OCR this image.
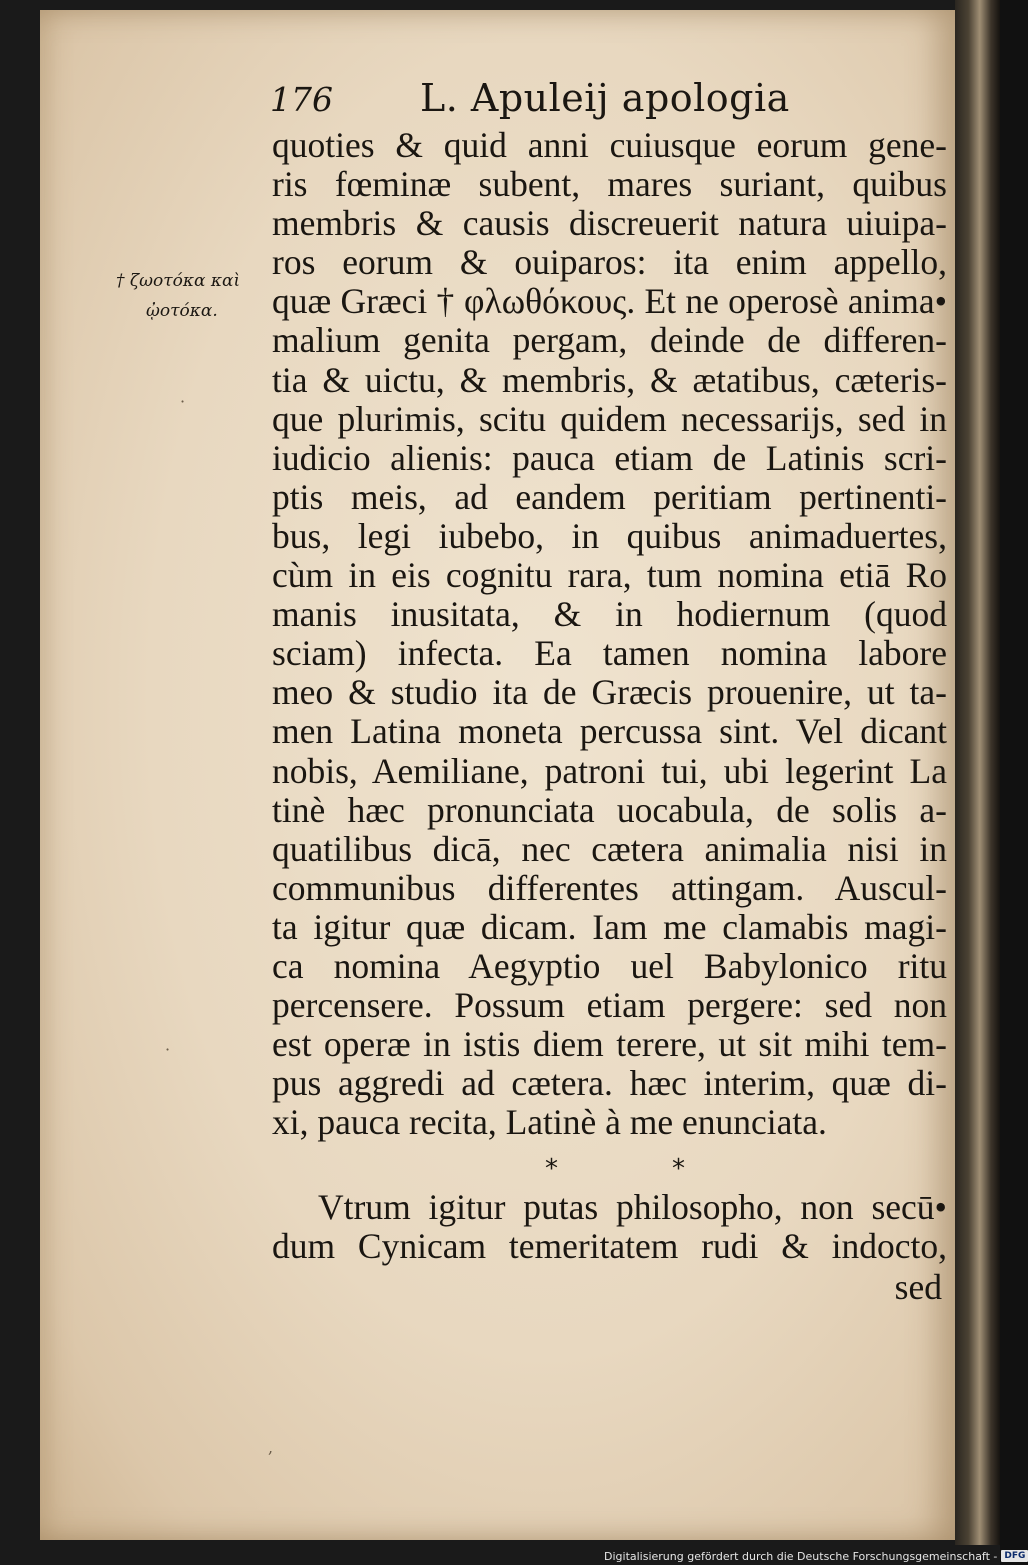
176 L. Apuleij apologia
† ζωοτόκα καὶ
ᾠοτόκα.
quoties & quid anni cuiusque eorum gene-
ris fœminæ subent, mares suriant, quibus
membris & causis discreuerit natura uiuipa-
ros eorum & ouiparos: ita enim appello,
quæ Græci † φλωθόκους. Et ne operosè anima•
malium genita pergam, deinde de differen-
tia & uictu, & membris, & ætatibus, cæteris-
que plurimis, scitu quidem necessarijs, sed in
iudicio alienis: pauca etiam de Latinis scri-
ptis meis, ad eandem peritiam pertinenti-
bus, legi iubebo, in quibus animaduertes,
cùm in eis cognitu rara, tum nomina etiā Ro
manis inusitata, & in hodiernum (quod
sciam) infecta. Ea tamen nomina labore
meo & studio ita de Græcis prouenire, ut ta-
men Latina moneta percussa sint. Vel dicant
nobis, Aemiliane, patroni tui, ubi legerint La
tinè hæc pronunciata uocabula, de solis a-
quatilibus dicā, nec cætera animalia nisi in
communibus differentes attingam. Auscul-
ta igitur quæ dicam. Iam me clamabis magi-
ca nomina Aegyptio uel Babylonico ritu
percensere. Possum etiam pergere: sed non
est operæ in istis diem terere, ut sit mihi tem-
pus aggredi ad cætera. hæc interim, quæ di-
xi, pauca recita, Latinè à me enunciata.
*	*
Vtrum igitur putas philosopho, non secū•
dum Cynicam temeritatem rudi & indocto,
sed
·
·
,
Digitalisierung gefördert durch die Deutsche Forschungsgemeinschaft - DFG
